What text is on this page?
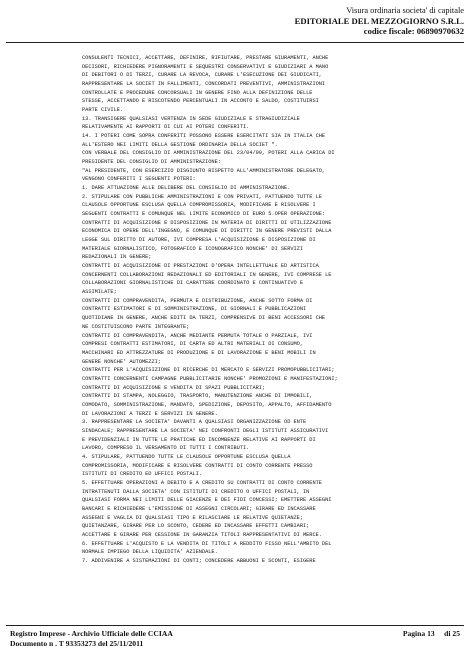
Visura ordinaria societa' di capitale
EDITORIALE DEL MEZZOGIORNO S.R.L.
codice fiscale: 06890970632
CONSULENTI TECNICI, ACCETTARE, DEFINIRE, RIFIUTARE, PRESTARE GIURAMENTI, ANCHE
DECISORI, RICHIEDERE PIGNORAMENTI E SEQUESTRI CONSERVATIVI E GIUDIZIARI A MANO
DI DEBITORI O DI TERZI, CURARE LA REVOCA, CURARE L'ESECUZIONE DEI GIUDICATI,
RAPPRESENTARE LA SOCIET IN FALLIMENTI, CONCORDATI PREVENTIVI, AMMINISTRAZIONI
CONTROLLATE E PROCEDURE CONCORSUALI IN GENERE FINO ALLA DEFINIZIONE DELLE
STESSE, ACCETTANDO E RISCOTENDO PERCENTUALI IN ACCONTO E SALDO, COSTITUIRSI
PARTE CIVILE.
13. TRANSIGERE QUALSIASI VERTENZA IN SEDE GIUDIZIALE E STRAGIUDIZIALE
RELATIVAMENTE AI RAPPORTI DI CUI AI POTERI CONFERITI.
14. I POTERI COME SOPRA CONFERITI POSSONO ESSERE ESERCITATI SIA IN ITALIA CHE
ALL'ESTERO NEI LIMITI DELLA GESTIONE ORDINARIA DELLA SOCIET ".
CON VERBALE DEL CONSIGLIO DI AMMINISTRAZIONE DEL 23/04/09, POTERI ALLA CARICA DI
PRESIDENTE DEL CONSIGLIO DI AMMINISTRAZIONE:
"AL PRESIDENTE, CON ESERCIZIO DISGIUNTO RISPETTO ALL'AMMINISTRATORE DELEGATO,
VENGONO CONFERITI I SEGUENTI POTERI:
1. DARE ATTUAZIONE ALLE DELIBERE DEL CONSIGLIO DI AMMINISTRAZIONE.
2. STIPULARE CON PUBBLICHE AMMINISTRAZIONI E CON PRIVATI, PATTUENDO TUTTE LE
CLAUSOLE OPPORTUNE ESCLUSA QUELLA COMPROMISSORIA, MODIFICARE E RISOLVERE I
SEGUENTI CONTRATTI E COMUNQUE NEL LIMITE ECONOMICO DI EURO 5.OPER OPERAZIONE:
CONTRATTI DI ACQUISIZIONE E DISPOSIZIONE IN MATERIA DI DIRITTI DI UTILIZZAZIONE
ECONOMICA DI OPERE DELL'INGEGNO, E COMUNQUE DI DIRITTI IN GENERE PREVISTI DALLA
LEGGE SUL DIRITTO DI AUTORE, IVI COMPRESA L'ACQUISIZIONE E DISPOSIZIONE DI
MATERIALE GIORNALISTICO, FOTOGRAFICO E ICONOGRAFICO NONCHE' DI SERVIZI
REDAZIONALI IN GENERE;
CONTRATTI DI ACQUISIZIONE DI PRESTAZIONI D'OPERA INTELLETTUALE ED ARTISTICA
CONCERNENTI COLLABORAZIONI REDAZIONALI ED EDITORIALI IN GENERE, IVI COMPRESE LE
COLLABORAZIONI GIORNALISTICHE DI CARATTERE COORDINATO E CONTINUATIVO E
ASSIMILATE;
CONTRATTI DI COMPRAVENDITA, PERMUTA E DISTRIBUZIONE, ANCHE SOTTO FORMA DI
CONTRATTI ESTIMATORI E DI SOMMINISTRAZIONE, DI GIORNALI E PUBBLICAZIONI
QUOTIDIANE IN GENERE, ANCHE EDITI DA TERZI, COMPRENSIVE DI BENI ACCESSORI CHE
NE COSTITUISCONO PARTE INTEGRANTE;
CONTRATTI DI COMPRAVENDITA, ANCHE MEDIANTE PERMUTA TOTALE O PARZIALE, IVI
COMPRESI CONTRATTI ESTIMATORI, DI CARTA ED ALTRI MATERIALI DI CONSUMO,
MACCHINARI ED ATTREZZATURE DI PRODUZIONE E DI LAVORAZIONE E BENI MOBILI IN
GENERE NONCHE' AUTOMEZZI;
CONTRATTI PER L'ACQUISIZIONE DI RICERCHE DI MERCATO E SERVIZI PROMOPUBBLICITARI;
CONTRATTI CONCERNENTI CAMPAGNE PUBBLICITARIE NONCHE' PROMOZIONI E MANIFESTAZIONI;
CONTRATTI DI ACQUISIZIONE E VENDITA DI SPAZI PUBBLICITARI;
CONTRATTI DI STAMPA, NOLEGGIO, TRASPORTO, MANUTENZIONE ANCHE DI IMMOBILI,
COMODATO, SOMMINISTRAZIONE, MANDATO, SPEDIZIONE, DEPOSITO, APPALTO, AFFIDAMENTO
DI LAVORAZIONI A TERZI E SERVIZI IN GENERE.
3. RAPPRESENTARE LA SOCIETA' DAVANTI A QUALSIASI ORGANIZZAZIONE OD ENTE
SINDACALE; RAPPRESENTARE LA SOCIETA' NEI CONFRONTI DEGLI ISTITUTI ASSICURATIVI
E PREVIDENZIALI IN TUTTE LE PRATICHE ED INCOMBENZE RELATIVE AI RAPPORTI DI
LAVORO, COMPRESO IL VERSAMENTO DI TUTTI I CONTRIBUTI.
4. STIPULARE, PATTUENDO TUTTE LE CLAUSOLE OPPORTUNE ESCLUSA QUELLA
COMPROMISSORIA, MODIFICARE E RISOLVERE CONTRATTI DI CONTO CORRENTE PRESSO
ISTITUTI DI CREDITO ED UFFICI POSTALI.
5. EFFETTUARE OPERAZIONI A DEBITO E A CREDITO SU CONTRATTI DI CONTO CORRENTE
INTRATTENUTI DALLA SOCIETA' CON ISTITUTI DI CREDITO O UFFICI POSTALI, IN
QUALSIASI FORMA NEI LIMITI DELLE GIACENZE E DEI FIDI CONCESSI; EMETTERE ASSEGNI
BANCARI E RICHIEDERE L'EMISSIONE DI ASSEGNI CIRCOLARI; GIRARE ED INCASSARE
ASSEGNI E VAGLIA DI QUALSIASI TIPO E RILASCIARE LE RELATIVE QUIETANZE;
QUIETANZARE, GIRARE PER LO SCONTO, CEDERE ED INCASSARE EFFETTI CAMBIARI;
ACCETTARE E GIRARE PER CESSIONE IN GARANZIA TITOLI RAPPRESENTATIVI DI MERCE.
6. EFFETTUARE L'ACQUISTO E LA VENDITA DI TITOLI A REDDITO FISSO NELL'AMBITO DEL
NORMALE IMPIEGO DELLA LIQUIDITA' AZIENDALE.
7. ADDIVENIRE A SISTEMAZIONI DI CONTI; CONCEDERE ABBUONI E SCONTI, ESIGERE
Registro Imprese - Archivio Ufficiale delle CCIAA
Documento n . T 93353273 del 25/11/2011
Pagina 13 di 25
